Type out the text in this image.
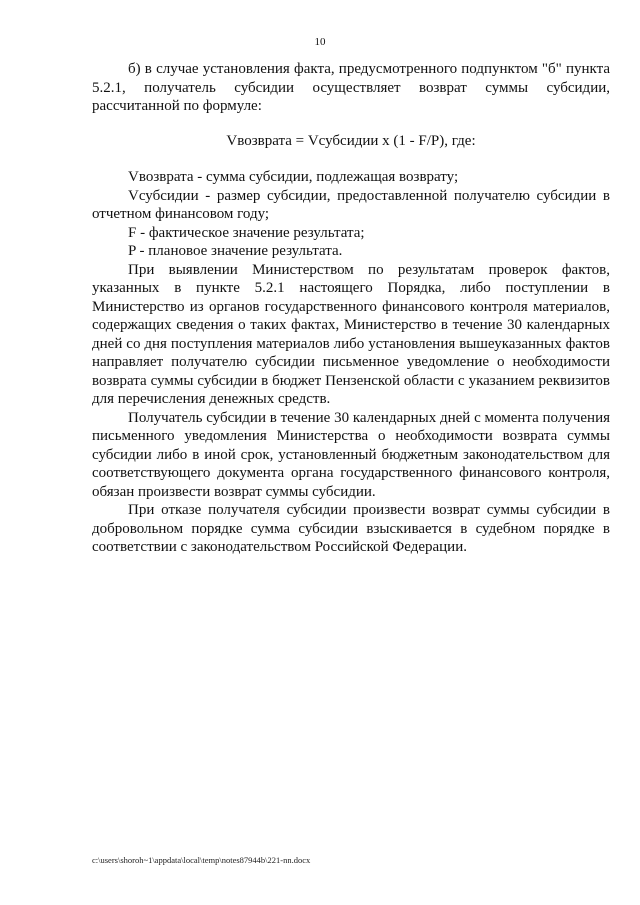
10

б) в случае установления факта, предусмотренного подпунктом "б" пункта 5.2.1, получатель субсидии осуществляет возврат суммы субсидии, рассчитанной по формуле:

Vвозврата = Vсубсидии x (1 - F/P), где:

Vвозврата - сумма субсидии, подлежащая возврату;

Vсубсидии - размер субсидии, предоставленной получателю субсидии в отчетном финансовом году;

F - фактическое значение результата;

P - плановое значение результата.

При выявлении Министерством по результатам проверок фактов, указанных в пункте 5.2.1 настоящего Порядка, либо поступлении в Министерство из органов государственного финансового контроля материалов, содержащих сведения о таких фактах, Министерство в течение 30 календарных дней со дня поступления материалов либо установления вышеуказанных фактов направляет получателю субсидии письменное уведомление о необходимости возврата суммы субсидии в бюджет Пензенской области с указанием реквизитов для перечисления денежных средств.

Получатель субсидии в течение 30 календарных дней с момента получения письменного уведомления Министерства о необходимости возврата суммы субсидии либо в иной срок, установленный бюджетным законодательством для соответствующего документа органа государственного финансового контроля, обязан произвести возврат суммы субсидии.

При отказе получателя субсидии произвести возврат суммы субсидии в добровольном порядке сумма субсидии взыскивается в судебном порядке в соответствии с законодательством Российской Федерации.

c:\users\shoroh~1\appdata\local\temp\notes87944b\221-nn.docx
